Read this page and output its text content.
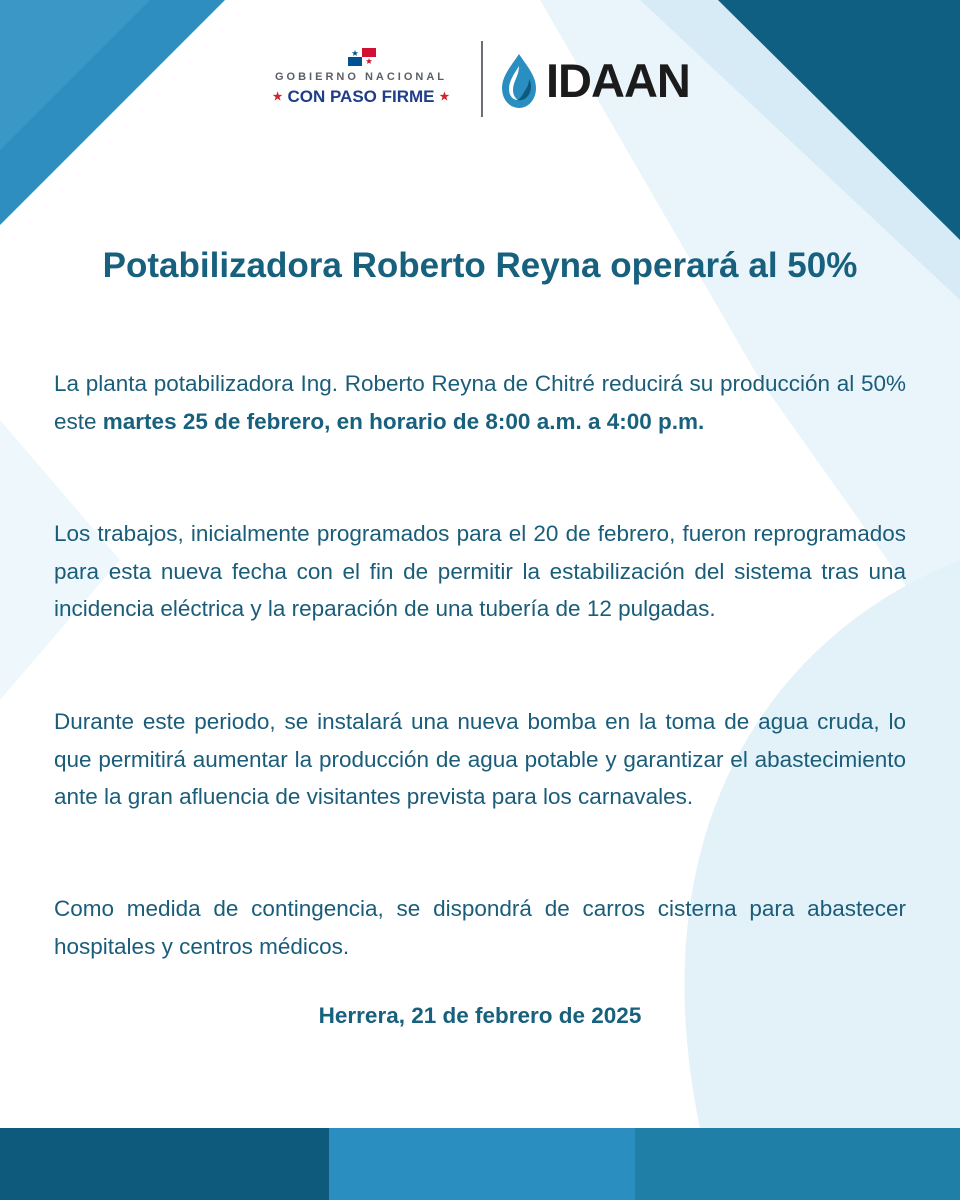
GOBIERNO NACIONAL
★ CON PASO FIRME ★	IDAAN
Potabilizadora Roberto Reyna operará al 50%
La planta potabilizadora Ing. Roberto Reyna de Chitré reducirá su producción al 50% este martes 25 de febrero, en horario de 8:00 a.m. a 4:00 p.m.
Los trabajos, inicialmente programados para el 20 de febrero, fueron reprogramados para esta nueva fecha con el fin de permitir la estabilización del sistema tras una incidencia eléctrica y la reparación de una tubería de 12 pulgadas.
Durante este periodo, se instalará una nueva bomba en la toma de agua cruda, lo que permitirá aumentar la producción de agua potable y garantizar el abastecimiento ante la gran afluencia de visitantes prevista para los carnavales.
Como medida de contingencia, se dispondrá de carros cisterna para abastecer hospitales y centros médicos.
Herrera, 21 de febrero de 2025
